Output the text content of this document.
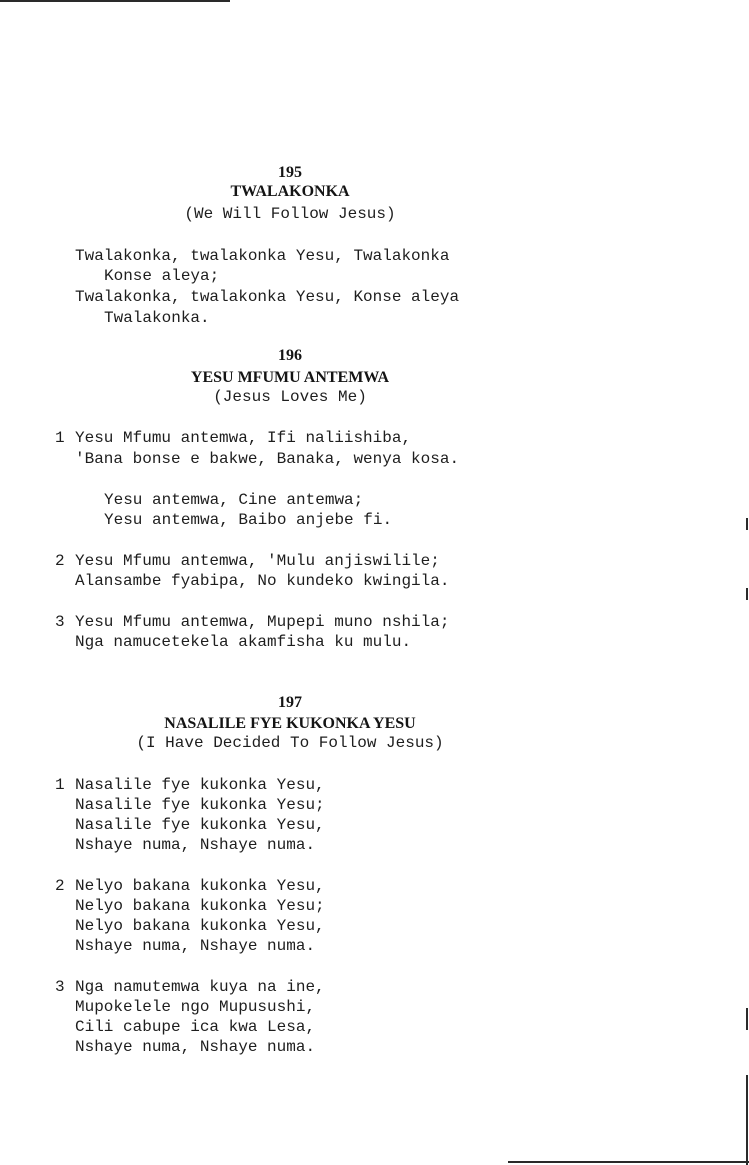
195
TWALAKONKA
(We Will Follow Jesus)
Twalakonka, twalakonka Yesu, Twalakonka
Konse aleya;
Twalakonka, twalakonka Yesu, Konse aleya
Twalakonka.
196
YESU MFUMU ANTEMWA
(Jesus Loves Me)
1 Yesu Mfumu antemwa, Ifi naliishiba,
'Bana bonse e bakwe, Banaka, wenya kosa.
Yesu antemwa, Cine antemwa;
Yesu antemwa, Baibo anjebe fi.
2 Yesu Mfumu antemwa, 'Mulu anjiswilile;
Alansambe fyabipa, No kundeko kwingila.
3 Yesu Mfumu antemwa, Mupepi muno nshila;
Nga namucetekela akamfisha ku mulu.
197
NASALILE FYE KUKONKA YESU
(I Have Decided To Follow Jesus)
1 Nasalile fye kukonka Yesu,
Nasalile fye kukonka Yesu;
Nasalile fye kukonka Yesu,
Nshaye numa, Nshaye numa.
2 Nelyo bakana kukonka Yesu,
Nelyo bakana kukonka Yesu;
Nelyo bakana kukonka Yesu,
Nshaye numa, Nshaye numa.
3 Nga namutemwa kuya na ine,
Mupokelele ngo Mupusushi,
Cili cabupe ica kwa Lesa,
Nshaye numa, Nshaye numa.
